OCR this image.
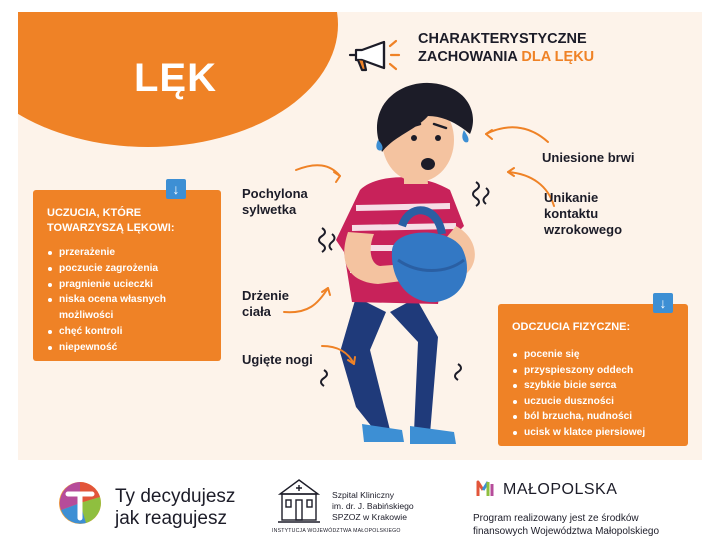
LĘK
CHARAKTERYSTYCZNE
ZACHOWANIA DLA LĘKU
Pochylona
sylwetka
Drżenie
ciała
Ugięte nogi
Uniesione brwi
Unikanie
kontaktu
wzrokowego
↓
UCZUCIA, KTÓRE
TOWARZYSZĄ LĘKOWI:
przerażenie
poczucie zagrożenia
pragnienie ucieczki
niska ocena własnych
możliwości
chęć kontroli
niepewność
↓
ODCZUCIA FIZYCZNE:
pocenie się
przyspieszony oddech
szybkie bicie serca
uczucie duszności
ból brzucha, nudności
ucisk w klatce piersiowej
Ty decydujesz
jak reagujesz
Szpital Kliniczny
im. dr. J. Babińskiego
SPZOZ w Krakowie
INSTYTUCJA WOJEWÓDZTWA MAŁOPOLSKIEGO
MAŁOPOLSKA
Program realizowany jest ze środków
finansowych Województwa Małopolskiego
